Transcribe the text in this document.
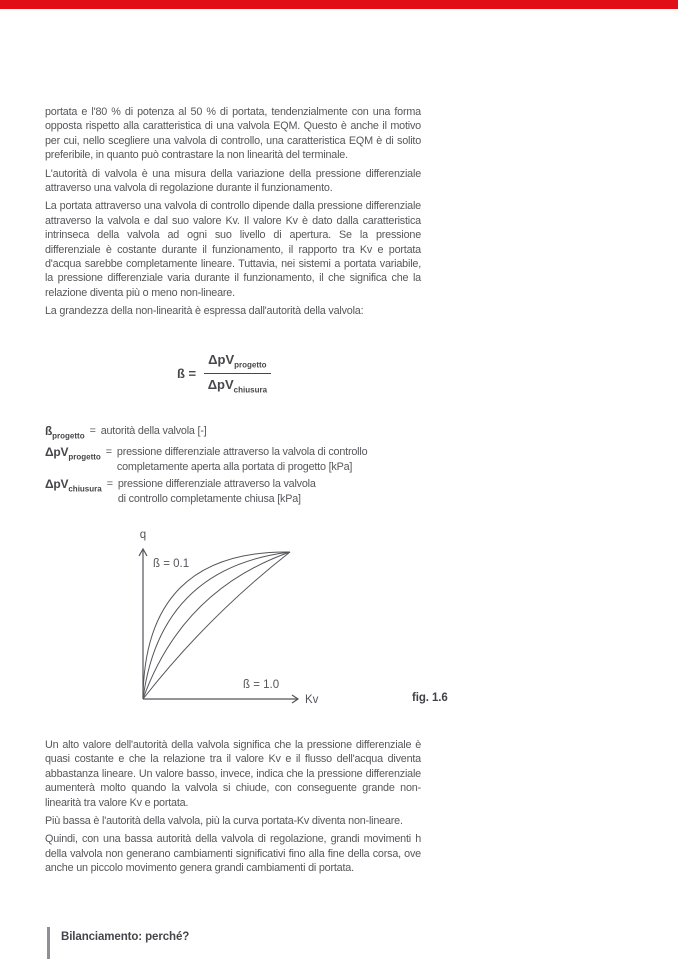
portata e l'80 % di potenza al 50 % di portata, tendenzialmente con una forma opposta rispetto alla caratteristica di una valvola EQM. Questo è anche il motivo per cui, nello scegliere una valvola di controllo, una caratteristica EQM è di solito preferibile, in quanto può contrastare la non linearità del terminale.

L'autorità di valvola è una misura della variazione della pressione differenziale attraverso una valvola di regolazione durante il funzionamento.

La portata attraverso una valvola di controllo dipende dalla pressione differenziale attraverso la valvola e dal suo valore Kv. Il valore Kv è dato dalla caratteristica intrinseca della valvola ad ogni suo livello di apertura. Se la pressione differenziale è costante durante il funzionamento, il rapporto tra Kv e portata d'acqua sarebbe completamente lineare. Tuttavia, nei sistemi a portata variabile, la pressione differenziale varia durante il funzionamento, il che significa che la relazione diventa più o meno non-lineare.

La grandezza della non-linearità è espressa dall'autorità della valvola:

ß = $\frac{\Delta pV_{progetto}}{\Delta pV_{chiusura}}$
$ß_{progetto}$ = autorità della valvola [-]
ΔpV$_{progetto}$ = pressione differenziale attraverso la valvola di controllo
completamente aperta alla portata di progetto [kPa]
ΔpV$_{chiusura}$ = pressione differenziale attraverso la valvola
di controllo completamente chiusa [kPa]
q
Kv
ß = 0.1
ß = 1.0
fig. 1.6

Un alto valore dell'autorità della valvola significa che la pressione differenziale è quasi costante e che la relazione tra il valore Kv e il flusso dell'acqua diventa abbastanza lineare. Un valore basso, invece, indica che la pressione differenziale aumenterà molto quando la valvola si chiude, con conseguente grande non-linearità tra valore Kv e portata.

Più bassa è l'autorità della valvola, più la curva portata-Kv diventa non-lineare.

Quindi, con una bassa autorità della valvola di regolazione, grandi movimenti h della valvola non generano cambiamenti significativi fino alla fine della corsa, ove anche un piccolo movimento genera grandi cambiamenti di portata.

Bilanciamento: perché?
